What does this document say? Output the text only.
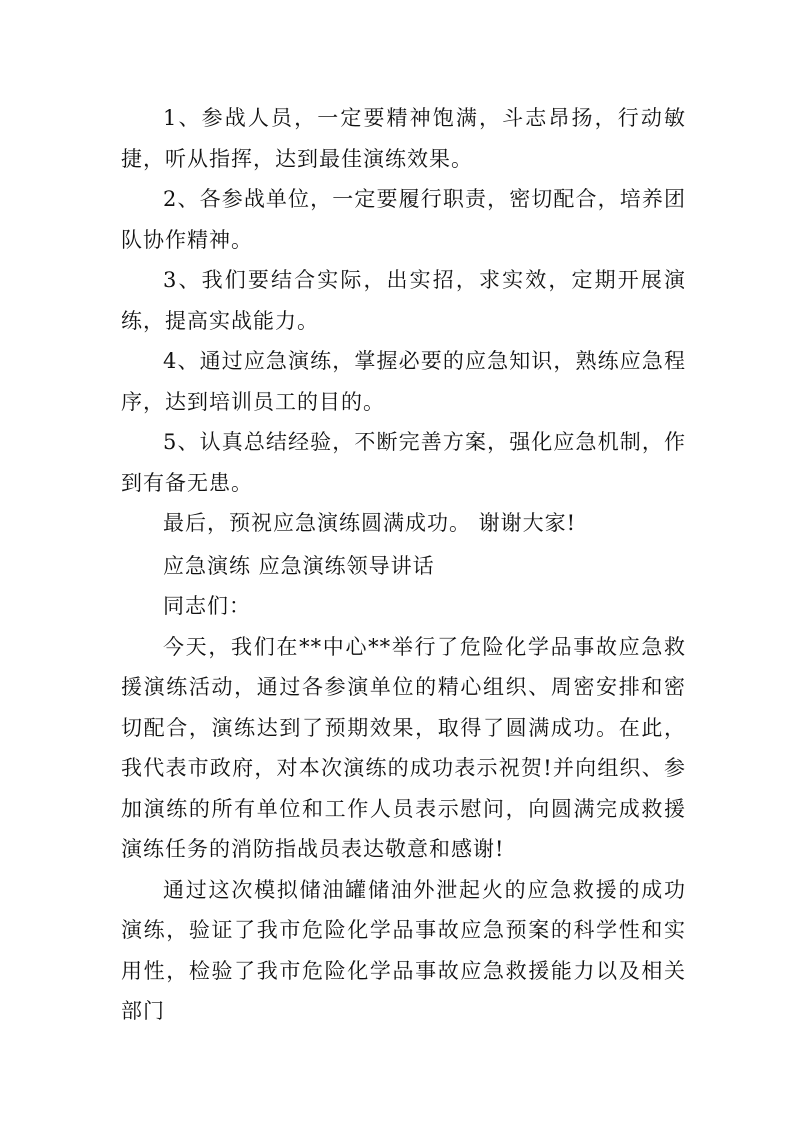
1、参战人员，一定要精神饱满，斗志昂扬，行动敏捷，听从指挥，达到最佳演练效果。

2、各参战单位，一定要履行职责，密切配合，培养团队协作精神。

3、我们要结合实际，出实招，求实效，定期开展演练，提高实战能力。

4、通过应急演练，掌握必要的应急知识，熟练应急程序，达到培训员工的目的。

5、认真总结经验，不断完善方案，强化应急机制，作到有备无患。

最后，预祝应急演练圆满成功。 谢谢大家!

应急演练 应急演练领导讲话

同志们：

今天，我们在**中心**举行了危险化学品事故应急救援演练活动，通过各参演单位的精心组织、周密安排和密切配合，演练达到了预期效果，取得了圆满成功。在此，我代表市政府，对本次演练的成功表示祝贺!并向组织、参加演练的所有单位和工作人员表示慰问，向圆满完成救援演练任务的消防指战员表达敬意和感谢!

通过这次模拟储油罐储油外泄起火的应急救援的成功演练，验证了我市危险化学品事故应急预案的科学性和实用性，检验了我市危险化学品事故应急救援能力以及相关部门
